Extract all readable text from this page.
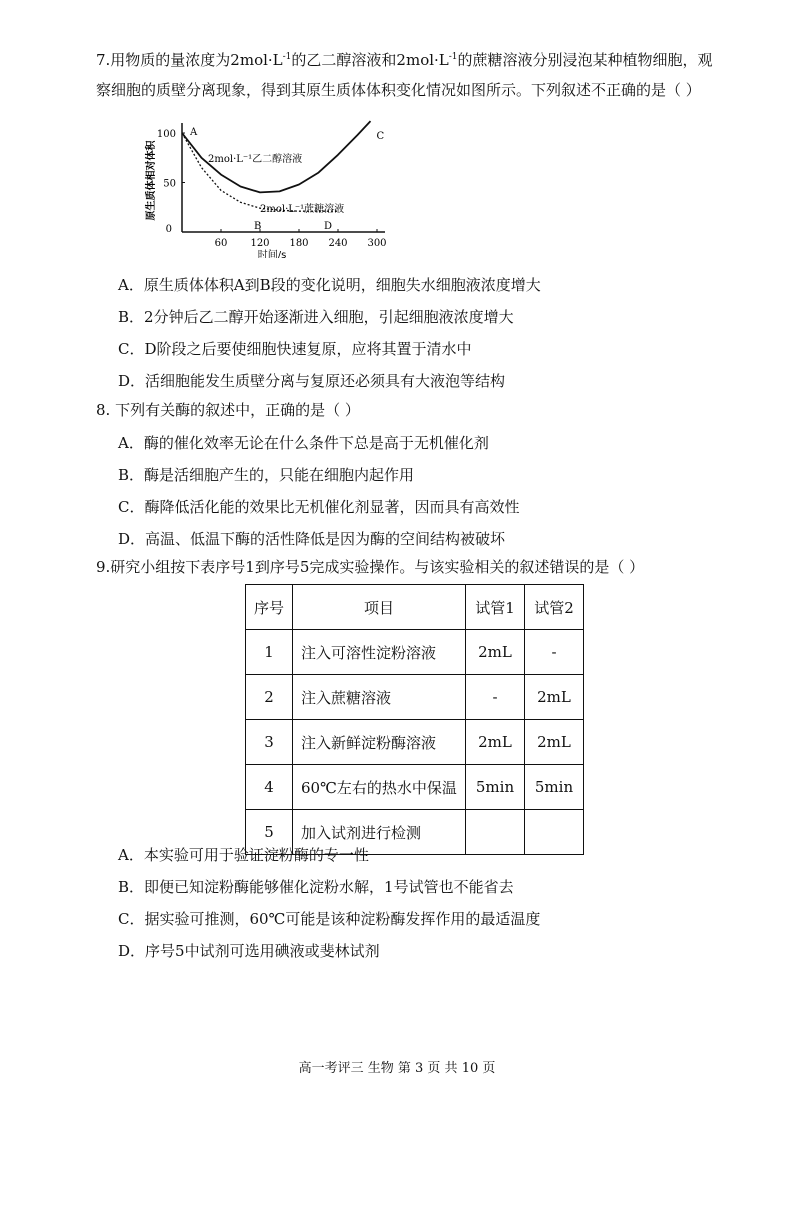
7.用物质的量浓度为$2mol\cdot L^{-1}$的乙二醇溶液和$2mol\cdot L^{-1}$的蔗糖溶液分别浸泡某种植物细胞，观

察细胞的质壁分离现象，得到其原生质体体积变化情况如图所示。下列叙述不正确的是（ ）

60 120 180 240 300
100
50
0
原生质体相对体积
时间/s
2mol·L⁻¹乙二醇溶液
2mol·L⁻¹蔗糖溶液
A
B
C
D
A．原生质体体积A到B段的变化说明，细胞失水细胞液浓度增大
B．2分钟后乙二醇开始逐渐进入细胞，引起细胞液浓度增大
C．D阶段之后要使细胞快速复原，应将其置于清水中
D．活细胞能发生质壁分离与复原还必须具有大液泡等结构
8. 下列有关酶的叙述中，正确的是（ ）
A．酶的催化效率无论在什么条件下总是高于无机催化剂
B．酶是活细胞产生的，只能在细胞内起作用
C．酶降低活化能的效果比无机催化剂显著，因而具有高效性
D．高温、低温下酶的活性降低是因为酶的空间结构被破坏
9.研究小组按下表序号1到序号5完成实验操作。与该实验相关的叙述错误的是（ ）
序号	项目	试管1	试管2
1	注入可溶性淀粉溶液	2mL	-
2	注入蔗糖溶液	-	2mL
3	注入新鲜淀粉酶溶液	2mL	2mL
4	60℃左右的热水中保温	5min	5min
5	加入试剂进行检测		
A．本实验可用于验证淀粉酶的专一性
B．即便已知淀粉酶能够催化淀粉水解，1号试管也不能省去
C．据实验可推测，60℃可能是该种淀粉酶发挥作用的最适温度
D．序号5中试剂可选用碘液或斐林试剂
高一考评三 生物 第 3 页 共 10 页
